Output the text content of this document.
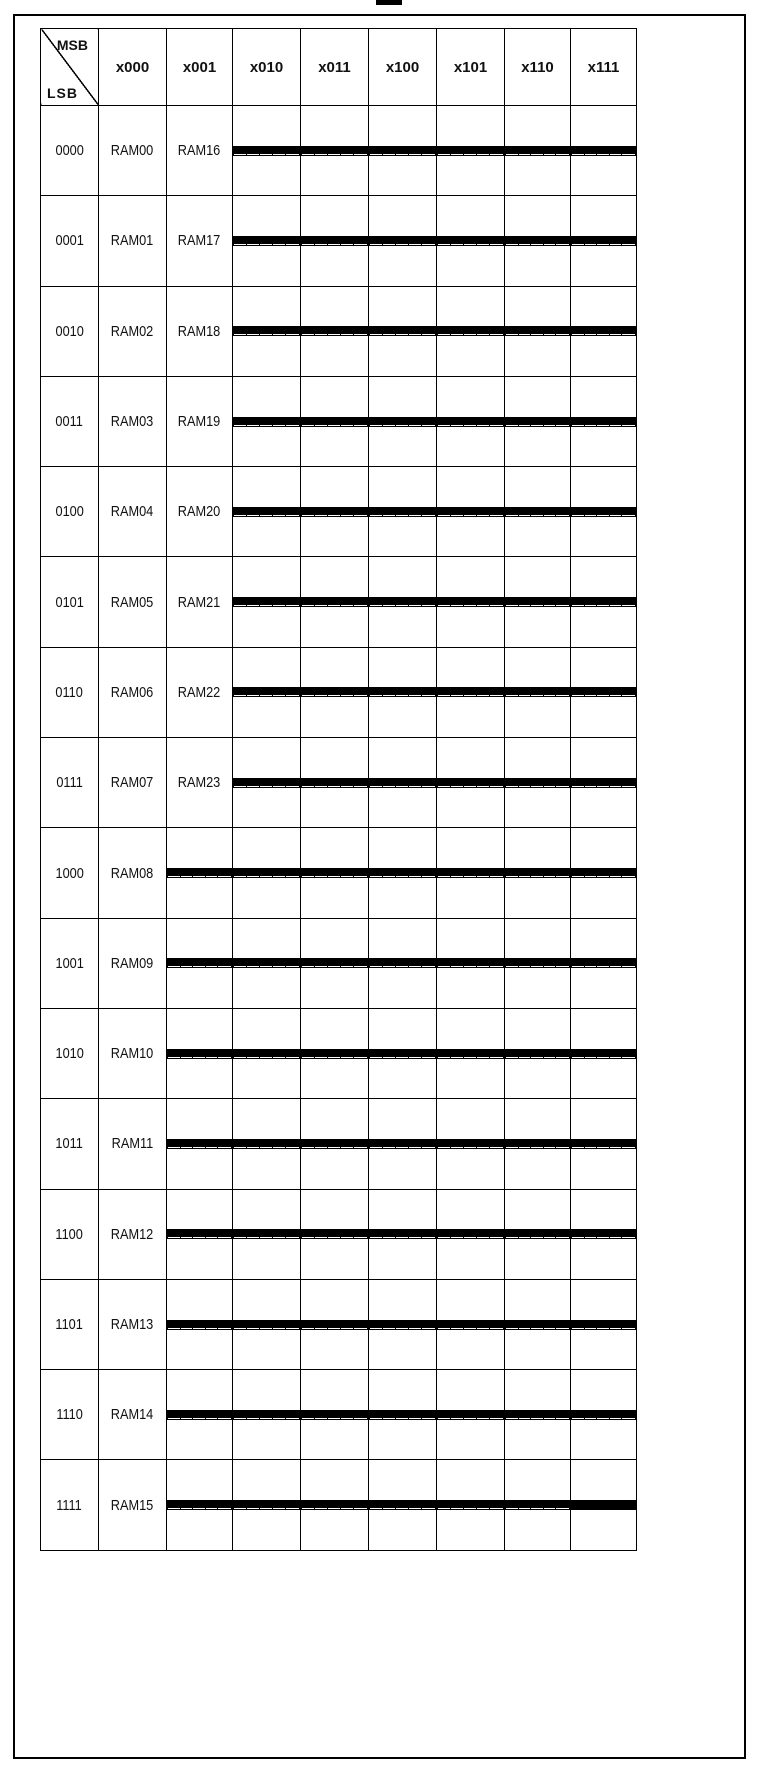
MSB
LSB	x000	x001	x010	x011	x100	x101	x110	x111
0000	RAM00	RAM16	

0001	RAM01	RAM17	

0010	RAM02	RAM18	

0011	RAM03	RAM19	

0100	RAM04	RAM20	

0101	RAM05	RAM21	

0110	RAM06	RAM22	

0111	RAM07	RAM23	

1000	RAM08	

1001	RAM09	

1010	RAM10	

1011	RAM11	

1100	RAM12	

1101	RAM13	

1110	RAM14	

1111	RAM15	
